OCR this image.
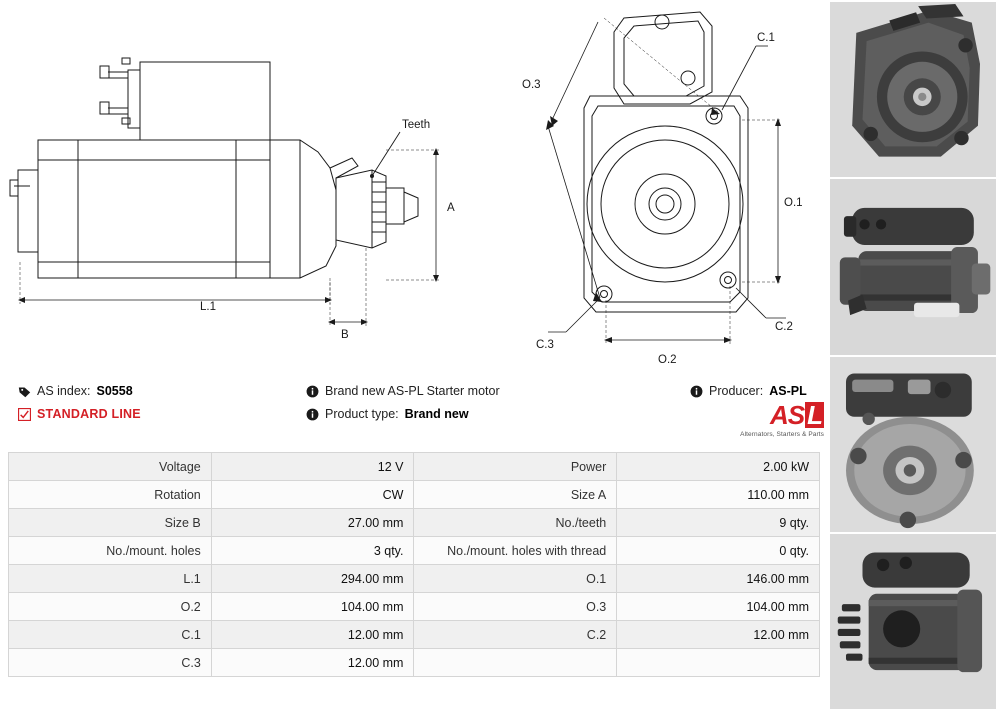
Teeth
A
B
L.1
O.1
O.2
O.3
C.1
C.2
C.3
AS index: S0558
STANDARD LINE
Brand new AS-PL Starter motor
Product type: Brand new
Producer: AS-PL
AS L
Alternators, Starters & Parts
Voltage	12 V	Power	2.00 kW
Rotation	CW	Size A	110.00 mm
Size B	27.00 mm	No./teeth	9 qty.
No./mount. holes	3 qty.	No./mount. holes with thread	0 qty.
L.1	294.00 mm	O.1	146.00 mm
O.2	104.00 mm	O.3	104.00 mm
C.1	12.00 mm	C.2	12.00 mm
C.3	12.00 mm		
